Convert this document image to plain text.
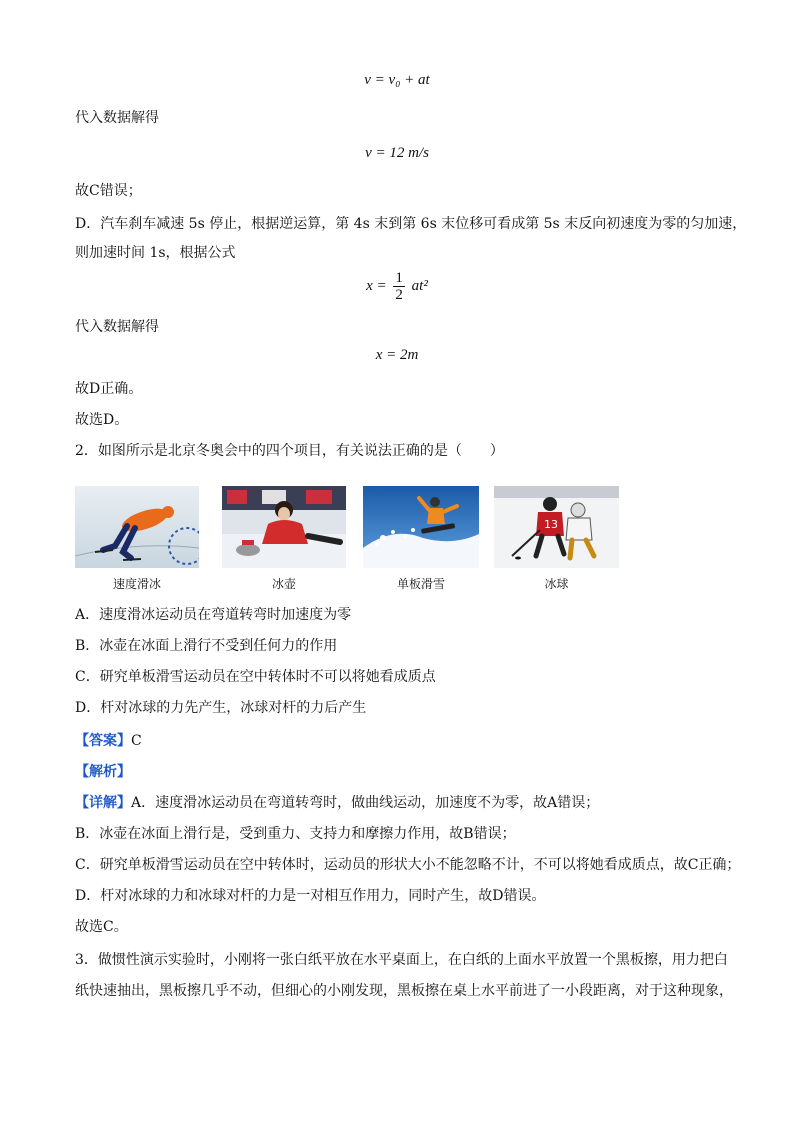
v = v₀ + at
代入数据解得
v = 12 m/s
故C错误；
D．汽车刹车减速 5s 停止，根据逆运算，第 4s 末到第 6s 末位移可看成第 5s 末反向初速度为零的匀加速，
则加速时间 1s，根据公式
$x = \frac{1}{2} at^2$
代入数据解得
x = 2m
故D正确。
故选D。
2．如图所示是北京冬奥会中的四个项目，有关说法正确的是（　　）
13
速度滑冰	冰壶	单板滑雪	冰球
A．速度滑冰运动员在弯道转弯时加速度为零
B．冰壶在冰面上滑行不受到任何力的作用
C．研究单板滑雪运动员在空中转体时不可以将她看成质点
D．杆对冰球的力先产生，冰球对杆的力后产生
【答案】C
【解析】
【详解】A．速度滑冰运动员在弯道转弯时，做曲线运动，加速度不为零，故A错误；
B．冰壶在冰面上滑行是，受到重力、支持力和摩擦力作用，故B错误；
C．研究单板滑雪运动员在空中转体时，运动员的形状大小不能忽略不计，不可以将她看成质点，故C正确；
D．杆对冰球的力和冰球对杆的力是一对相互作用力，同时产生，故D错误。
故选C。
3．做惯性演示实验时，小刚将一张白纸平放在水平桌面上，在白纸的上面水平放置一个黑板擦，用力把白
纸快速抽出，黑板擦几乎不动，但细心的小刚发现，黑板擦在桌上水平前进了一小段距离，对于这种现象，
